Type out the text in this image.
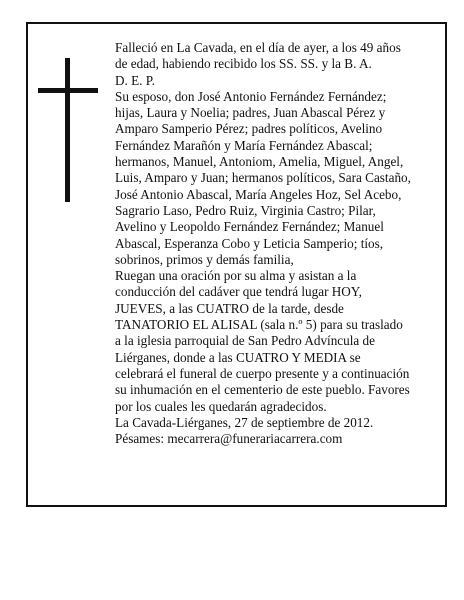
Falleció en La Cavada, en el día de ayer, a los 49 años de edad, habiendo recibido los SS. SS. y la B. A.

D. E. P.

Su esposo, don José Antonio Fernández Fernández; hijas, Laura y Noelia; padres, Juan Abascal Pérez y Amparo Samperio Pérez; padres políticos, Avelino Fernández Marañón y María Fernández Abascal; hermanos, Manuel, Antoniom, Amelia, Miguel, Angel, Luis, Amparo y Juan; hermanos políticos, Sara Castaño, José Antonio Abascal, María Angeles Hoz, Sel Acebo, Sagrario Laso, Pedro Ruiz, Virginia Castro; Pilar, Avelino y Leopoldo Fernández Fernández; Manuel Abascal, Esperanza Cobo y Leticia Samperio; tíos, sobrinos, primos y demás familia,

Ruegan una oración por su alma y asistan a la conducción del cadáver que tendrá lugar HOY, JUEVES, a las CUATRO de la tarde, desde TANATORIO EL ALISAL (sala n.º 5) para su traslado a la iglesia parroquial de San Pedro Advíncula de Liérganes, donde a las CUATRO Y MEDIA se celebrará el funeral de cuerpo presente y a continuación su inhumación en el cementerio de este pueblo. Favores por los cuales les quedarán agradecidos.

La Cavada-Liérganes, 27 de septiembre de 2012.

Pésames: mecarrera@funerariacarrera.com
